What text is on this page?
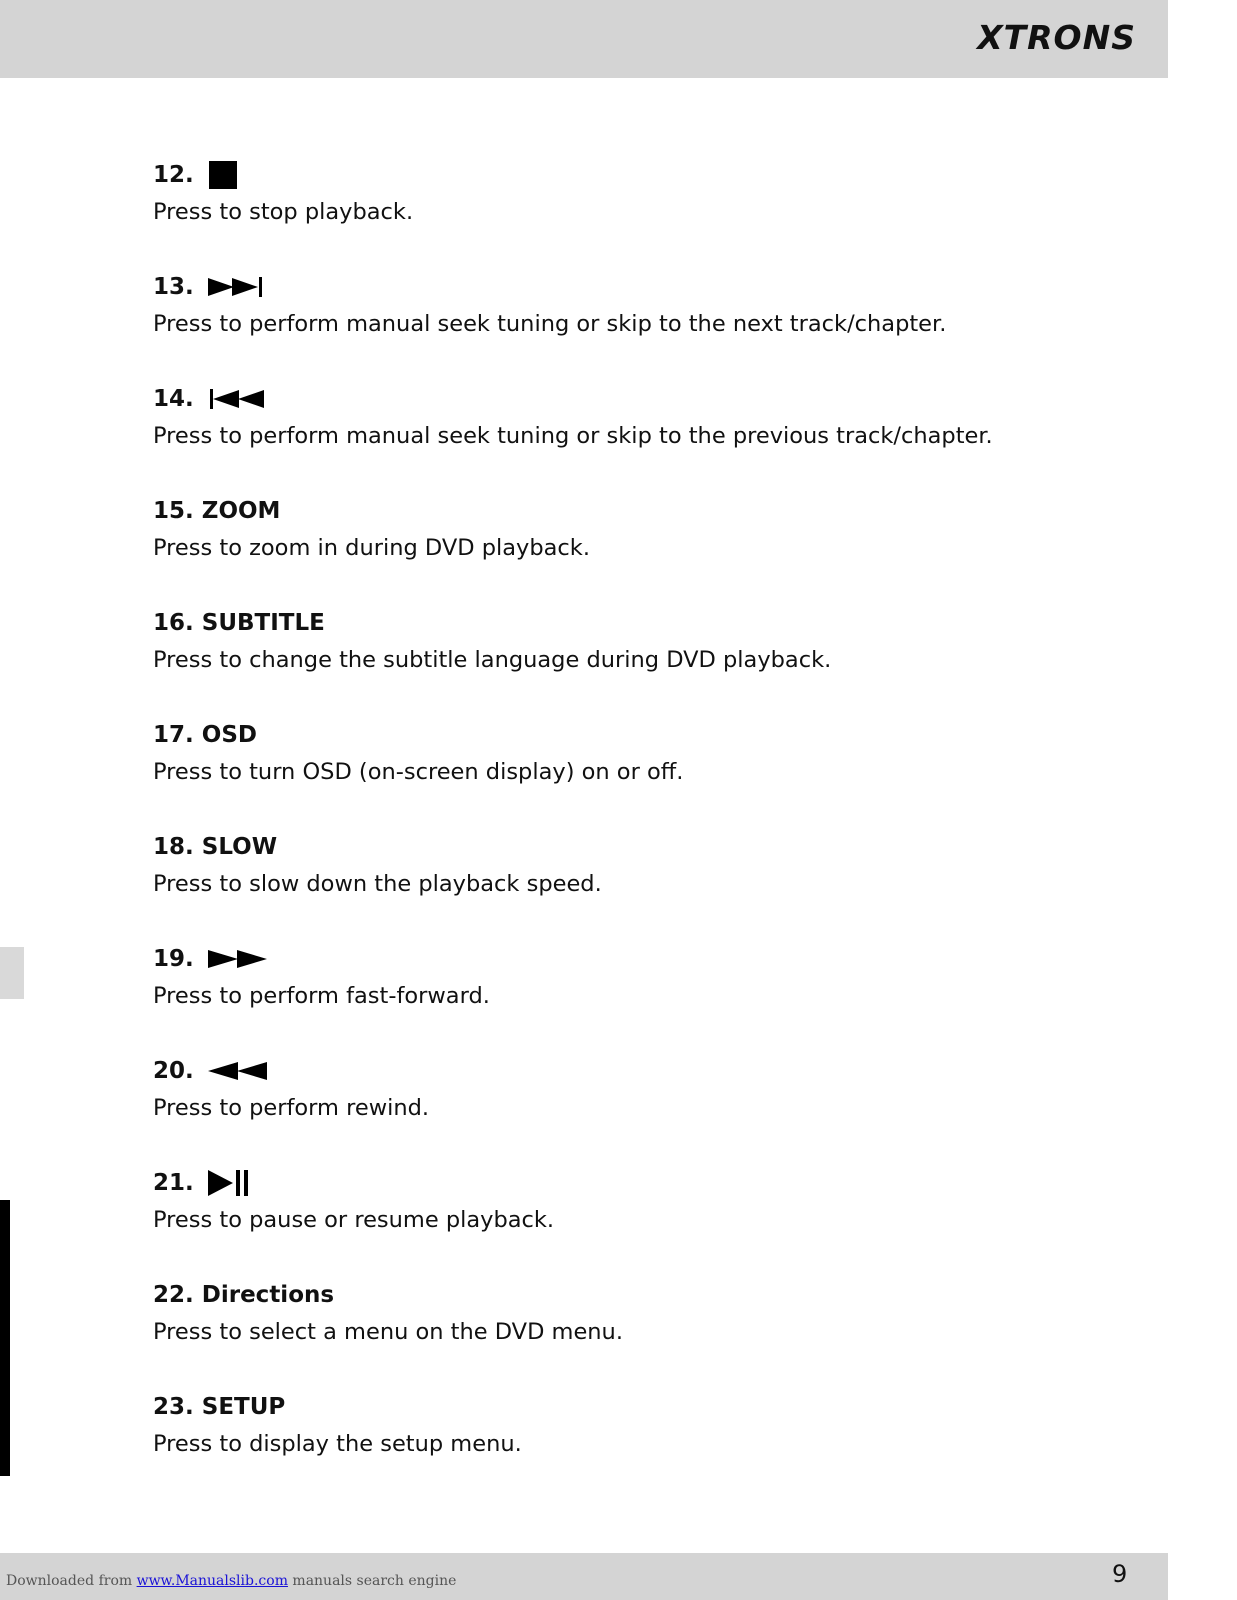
XTRONS
12.
Press to stop playback.
13.
Press to perform manual seek tuning or skip to the next track/chapter.
14.
Press to perform manual seek tuning or skip to the previous track/chapter.
15.
ZOOM
Press to zoom in during DVD playback.
16.
SUBTITLE
Press to change the subtitle language during DVD playback.
17.
OSD
Press to turn OSD (on-screen display) on or off.
18.
SLOW
Press to slow down the playback speed.
19.
Press to perform fast-forward.
20.
Press to perform rewind.
21.
Press to pause or resume playback.
22.
Directions
Press to select a menu on the DVD menu.
23.
SETUP
Press to display the setup menu.
Downloaded from www.Manualslib.com manuals search engine	9
